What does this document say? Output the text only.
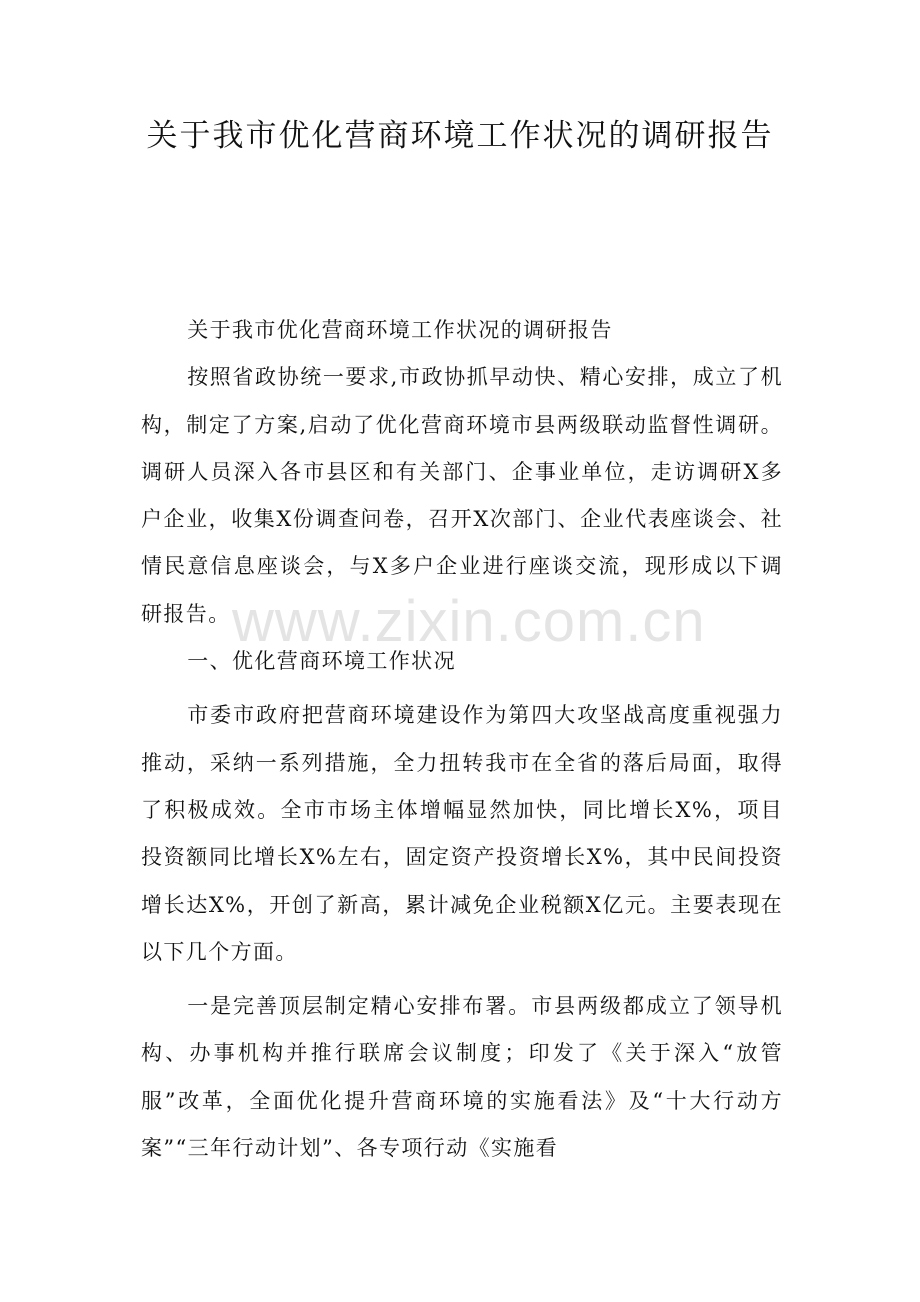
关于我市优化营商环境工作状况的调研报告

关于我市优化营商环境工作状况的调研报告

按照省政协统一要求,市政协抓早动快、精心安排，成立了机构，制定了方案,启动了优化营商环境市县两级联动监督性调研。调研人员深入各市县区和有关部门、企事业单位，走访调研X多户企业，收集X份调查问卷，召开X次部门、企业代表座谈会、社情民意信息座谈会，与X多户企业进行座谈交流，现形成以下调研报告。

一、优化营商环境工作状况

市委市政府把营商环境建设作为第四大攻坚战高度重视强力推动，采纳一系列措施，全力扭转我市在全省的落后局面，取得了积极成效。全市市场主体增幅显然加快，同比增长X%，项目投资额同比增长X%左右，固定资产投资增长X%，其中民间投资增长达X%，开创了新高，累计减免企业税额X亿元。主要表现在以下几个方面。

一是完善顶层制定精心安排布署。市县两级都成立了领导机构、办事机构并推行联席会议制度；印发了《关于深入“放管服”改革，全面优化提升营商环境的实施看法》及“十大行动方案”“三年行动计划”、各专项行动《实施看

www.zixin.com.cn
